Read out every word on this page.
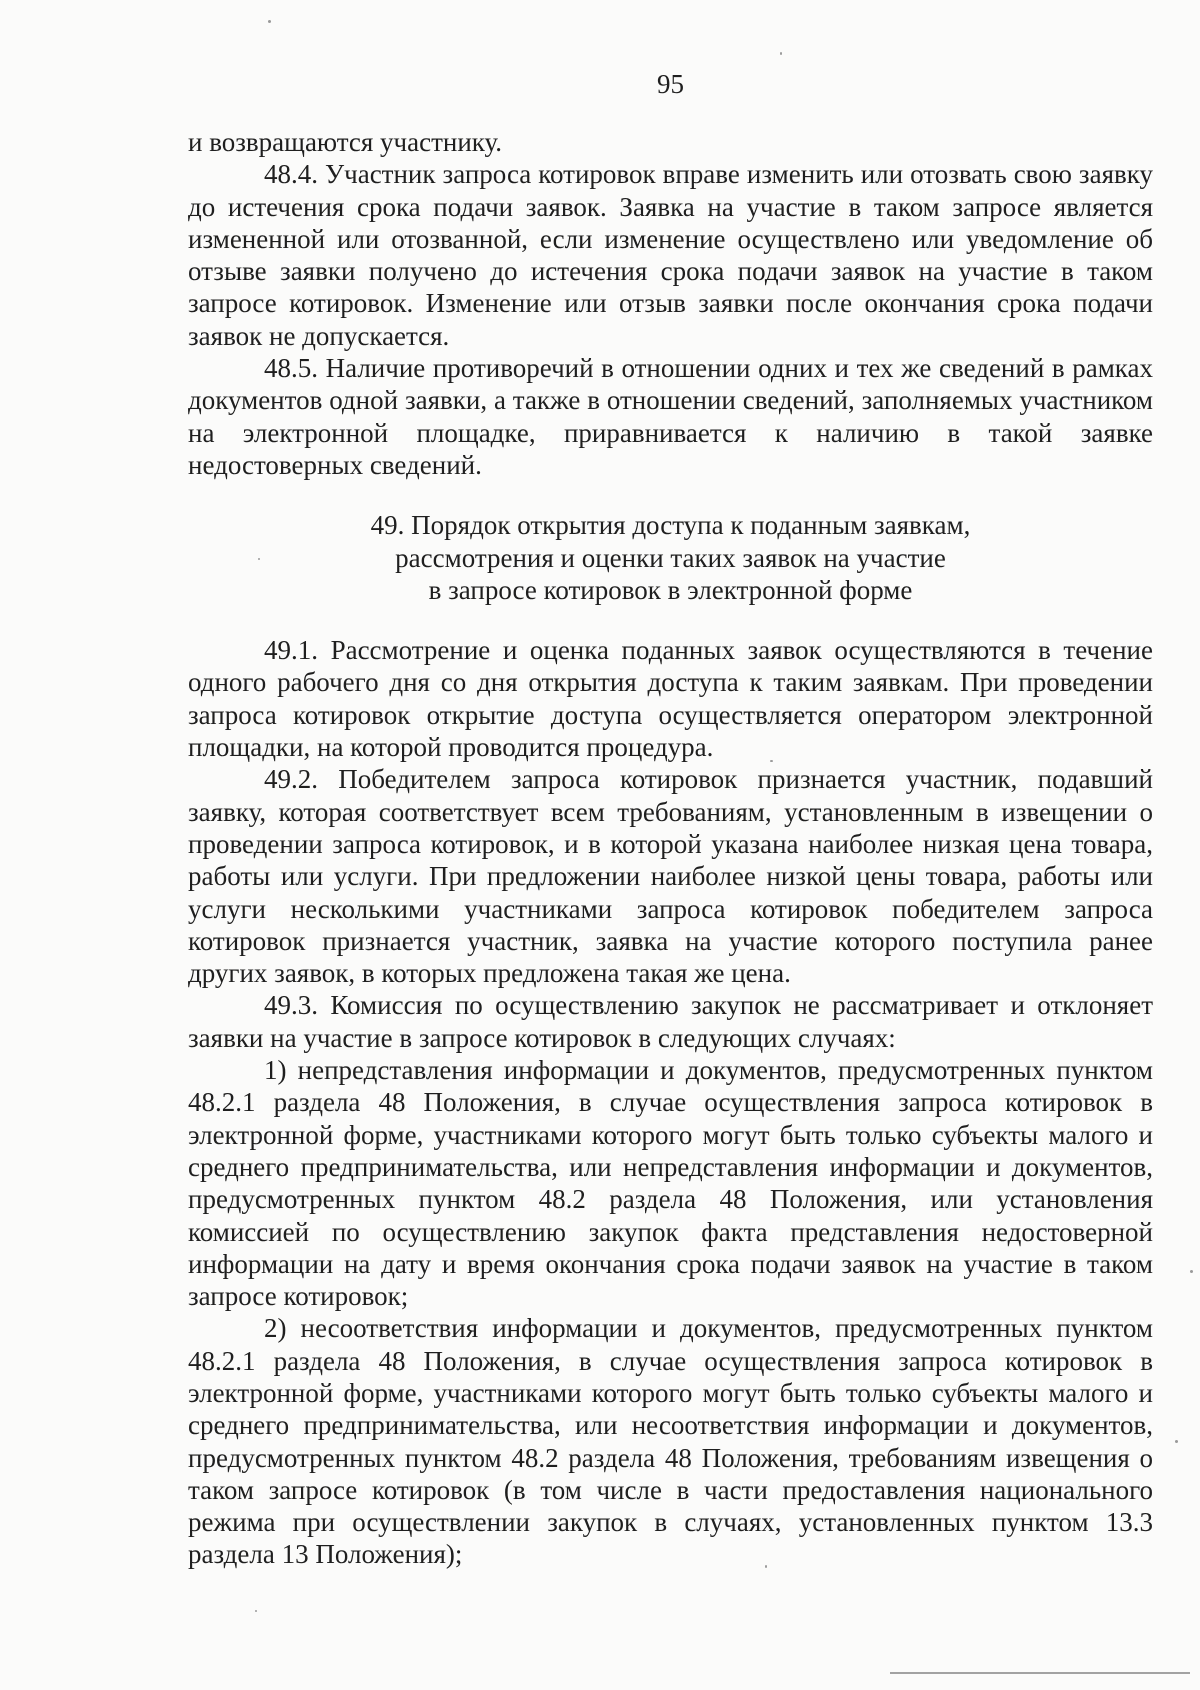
95

и возвращаются участнику.

48.4. Участник запроса котировок вправе изменить или отозвать свою заявку до истечения срока подачи заявок. Заявка на участие в таком запросе является измененной или отозванной, если изменение осуществлено или уведомление об отзыве заявки получено до истечения срока подачи заявок на участие в таком запросе котировок. Изменение или отзыв заявки после окончания срока подачи заявок не допускается.

48.5. Наличие противоречий в отношении одних и тех же сведений в рамках документов одной заявки, а также в отношении сведений, заполняемых участником на электронной площадке, приравнивается к наличию в такой заявке недостоверных сведений.

49. Порядок открытия доступа к поданным заявкам,
рассмотрения и оценки таких заявок на участие
в запросе котировок в электронной форме

49.1. Рассмотрение и оценка поданных заявок осуществляются в течение одного рабочего дня со дня открытия доступа к таким заявкам. При проведении запроса котировок открытие доступа осуществляется оператором электронной площадки, на которой проводится процедура.

49.2. Победителем запроса котировок признается участник, подавший заявку, которая соответствует всем требованиям, установленным в извещении о проведении запроса котировок, и в которой указана наиболее низкая цена товара, работы или услуги. При предложении наиболее низкой цены товара, работы или услуги несколькими участниками запроса котировок победителем запроса котировок признается участник, заявка на участие которого поступила ранее других заявок, в которых предложена такая же цена.

49.3. Комиссия по осуществлению закупок не рассматривает и отклоняет заявки на участие в запросе котировок в следующих случаях:

1) непредставления информации и документов, предусмотренных пунктом 48.2.1 раздела 48 Положения, в случае осуществления запроса котировок в электронной форме, участниками которого могут быть только субъекты малого и среднего предпринимательства, или непредставления информации и документов, предусмотренных пунктом 48.2 раздела 48 Положения, или установления комиссией по осуществлению закупок факта представления недостоверной информации на дату и время окончания срока подачи заявок на участие в таком запросе котировок;

2) несоответствия информации и документов, предусмотренных пунктом 48.2.1 раздела 48 Положения, в случае осуществления запроса котировок в электронной форме, участниками которого могут быть только субъекты малого и среднего предпринимательства, или несоответствия информации и документов, предусмотренных пунктом 48.2 раздела 48 Положения, требованиям извещения о таком запросе котировок (в том числе в части предоставления национального режима при осуществлении закупок в случаях, установленных пунктом 13.3 раздела 13 Положения);
